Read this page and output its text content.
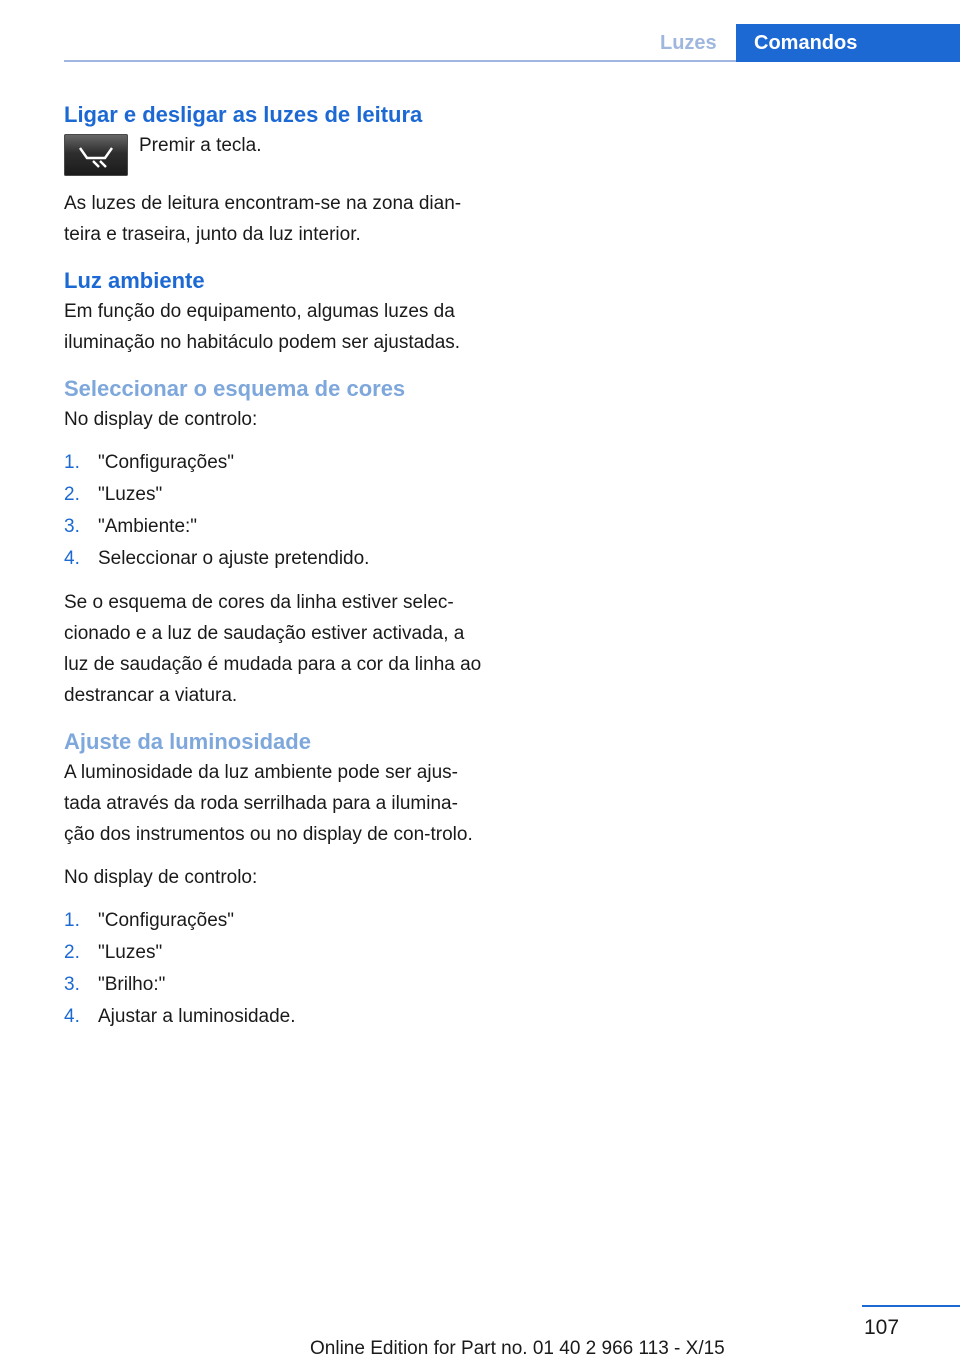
Luzes	Comandos
Ligar e desligar as luzes de leitura

Premir a tecla.

As luzes de leitura encontram-se na zona dian-teira e traseira, junto da luz interior.

Luz ambiente

Em função do equipamento, algumas luzes da iluminação no habitáculo podem ser ajustadas.

Seleccionar o esquema de cores

No display de controlo:

1. "Configurações"
2. "Luzes"
3. "Ambiente:"
4. Seleccionar o ajuste pretendido.

Se o esquema de cores da linha estiver selec-cionado e a luz de saudação estiver activada, a luz de saudação é mudada para a cor da linha ao destrancar a viatura.

Ajuste da luminosidade

A luminosidade da luz ambiente pode ser ajus-tada através da roda serrilhada para a ilumina-ção dos instrumentos ou no display de con-trolo.

No display de controlo:

1. "Configurações"
2. "Luzes"
3. "Brilho:"
4. Ajustar a luminosidade.
107
Online Edition for Part no. 01 40 2 966 113 - X/15
